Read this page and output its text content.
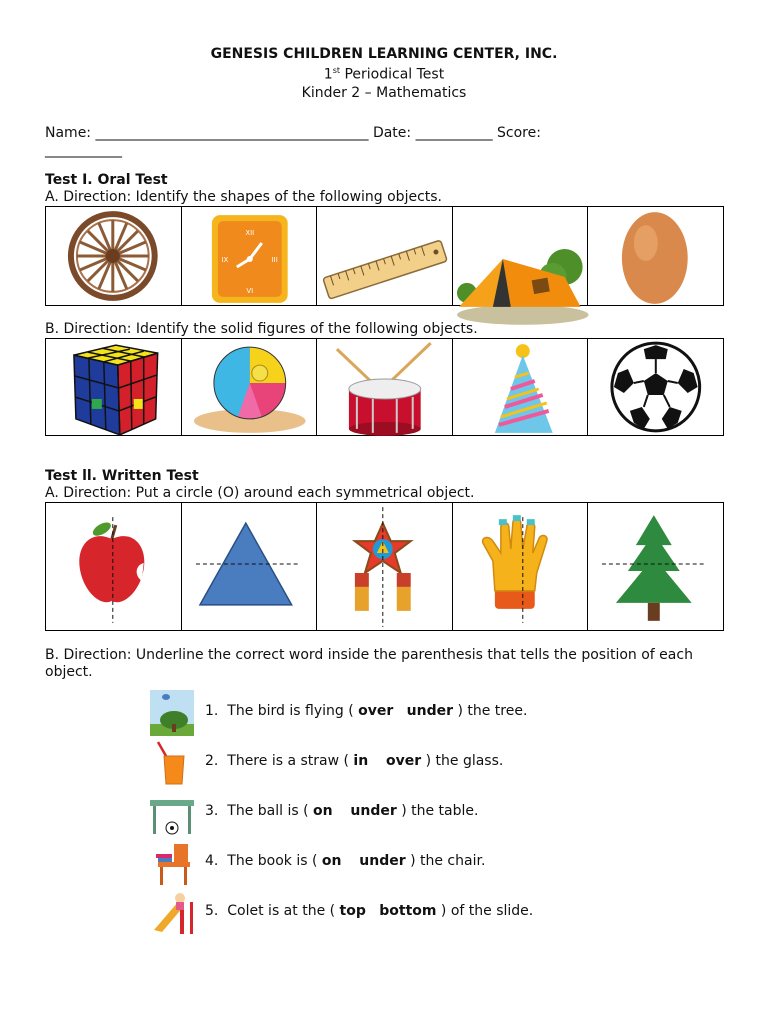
GENESIS CHILDREN LEARNING CENTER, INC.
1st Periodical Test
Kinder 2 – Mathematics
Name: _______________________________________ Date: ___________ Score:
___________
Test I. Oral Test
A. Direction: Identify the shapes of the following objects.
XII
VI
IX	III
B. Direction: Identify the solid figures of the following objects.
Test ll. Written Test
A. Direction: Put a circle (O) around each symmetrical object.
B. Direction: Underline the correct word inside the parenthesis that tells the position of each
object.
1. The bird is flying ( over under ) the tree.
2. There is a straw ( in over ) the glass.
3. The ball is ( on under ) the table.
4. The book is ( on under ) the chair.
5. Colet is at the ( top bottom ) of the slide.
